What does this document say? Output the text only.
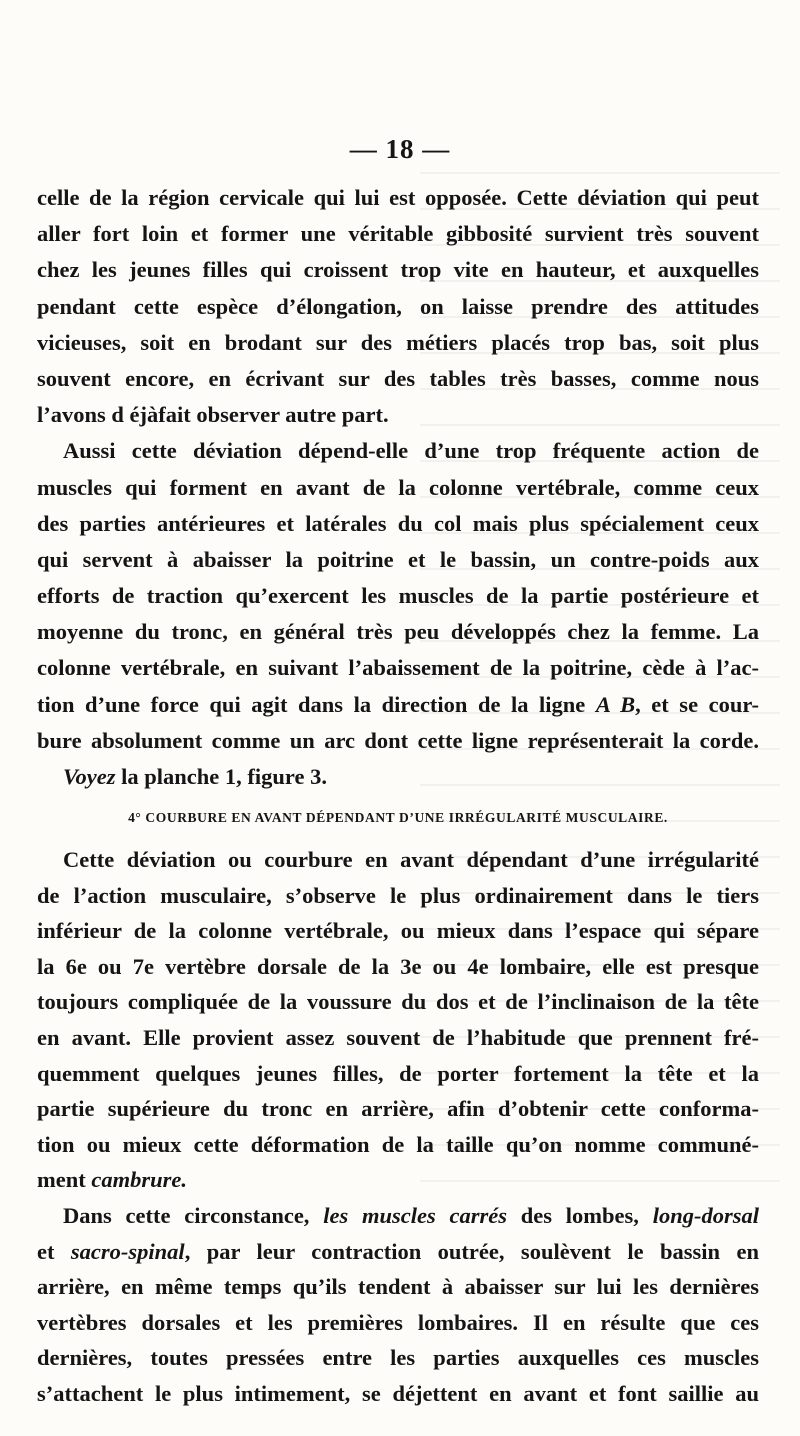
— 18 —
celle de la région cervicale qui lui est opposée. Cette déviation qui peut
aller fort loin et former une véritable gibbosité survient très souvent
chez les jeunes filles qui croissent trop vite en hauteur, et auxquelles
pendant cette espèce d’élongation, on laisse prendre des attitudes
vicieuses, soit en brodant sur des métiers placés trop bas, soit plus
souvent encore, en écrivant sur des tables très basses, comme nous
l’avons d éjàfait observer autre part.
Aussi cette déviation dépend-elle d’une trop fréquente action de
muscles qui forment en avant de la colonne vertébrale, comme ceux
des parties antérieures et latérales du col mais plus spécialement ceux
qui servent à abaisser la poitrine et le bassin, un contre-poids aux
efforts de traction qu’exercent les muscles de la partie postérieure et
moyenne du tronc, en général très peu développés chez la femme. La
colonne vertébrale, en suivant l’abaissement de la poitrine, cède à l’ac-
tion d’une force qui agit dans la direction de la ligne A B, et se cour-
bure absolument comme un arc dont cette ligne représenterait la corde.
Voyez la planche 1, figure 3.
4° COURBURE EN AVANT DÉPENDANT D’UNE IRRÉGULARITÉ MUSCULAIRE.
Cette déviation ou courbure en avant dépendant d’une irrégularité
de l’action musculaire, s’observe le plus ordinairement dans le tiers
inférieur de la colonne vertébrale, ou mieux dans l’espace qui sépare
la 6e ou 7e vertèbre dorsale de la 3e ou 4e lombaire, elle est presque
toujours compliquée de la voussure du dos et de l’inclinaison de la tête
en avant. Elle provient assez souvent de l’habitude que prennent fré-
quemment quelques jeunes filles, de porter fortement la tête et la
partie supérieure du tronc en arrière, afin d’obtenir cette conforma-
tion ou mieux cette déformation de la taille qu’on nomme communé-
ment cambrure.
Dans cette circonstance, les muscles carrés des lombes, long-dorsal
et sacro-spinal, par leur contraction outrée, soulèvent le bassin en
arrière, en même temps qu’ils tendent à abaisser sur lui les dernières
vertèbres dorsales et les premières lombaires. Il en résulte que ces
dernières, toutes pressées entre les parties auxquelles ces muscles
s’attachent le plus intimement, se déjettent en avant et font saillie au
